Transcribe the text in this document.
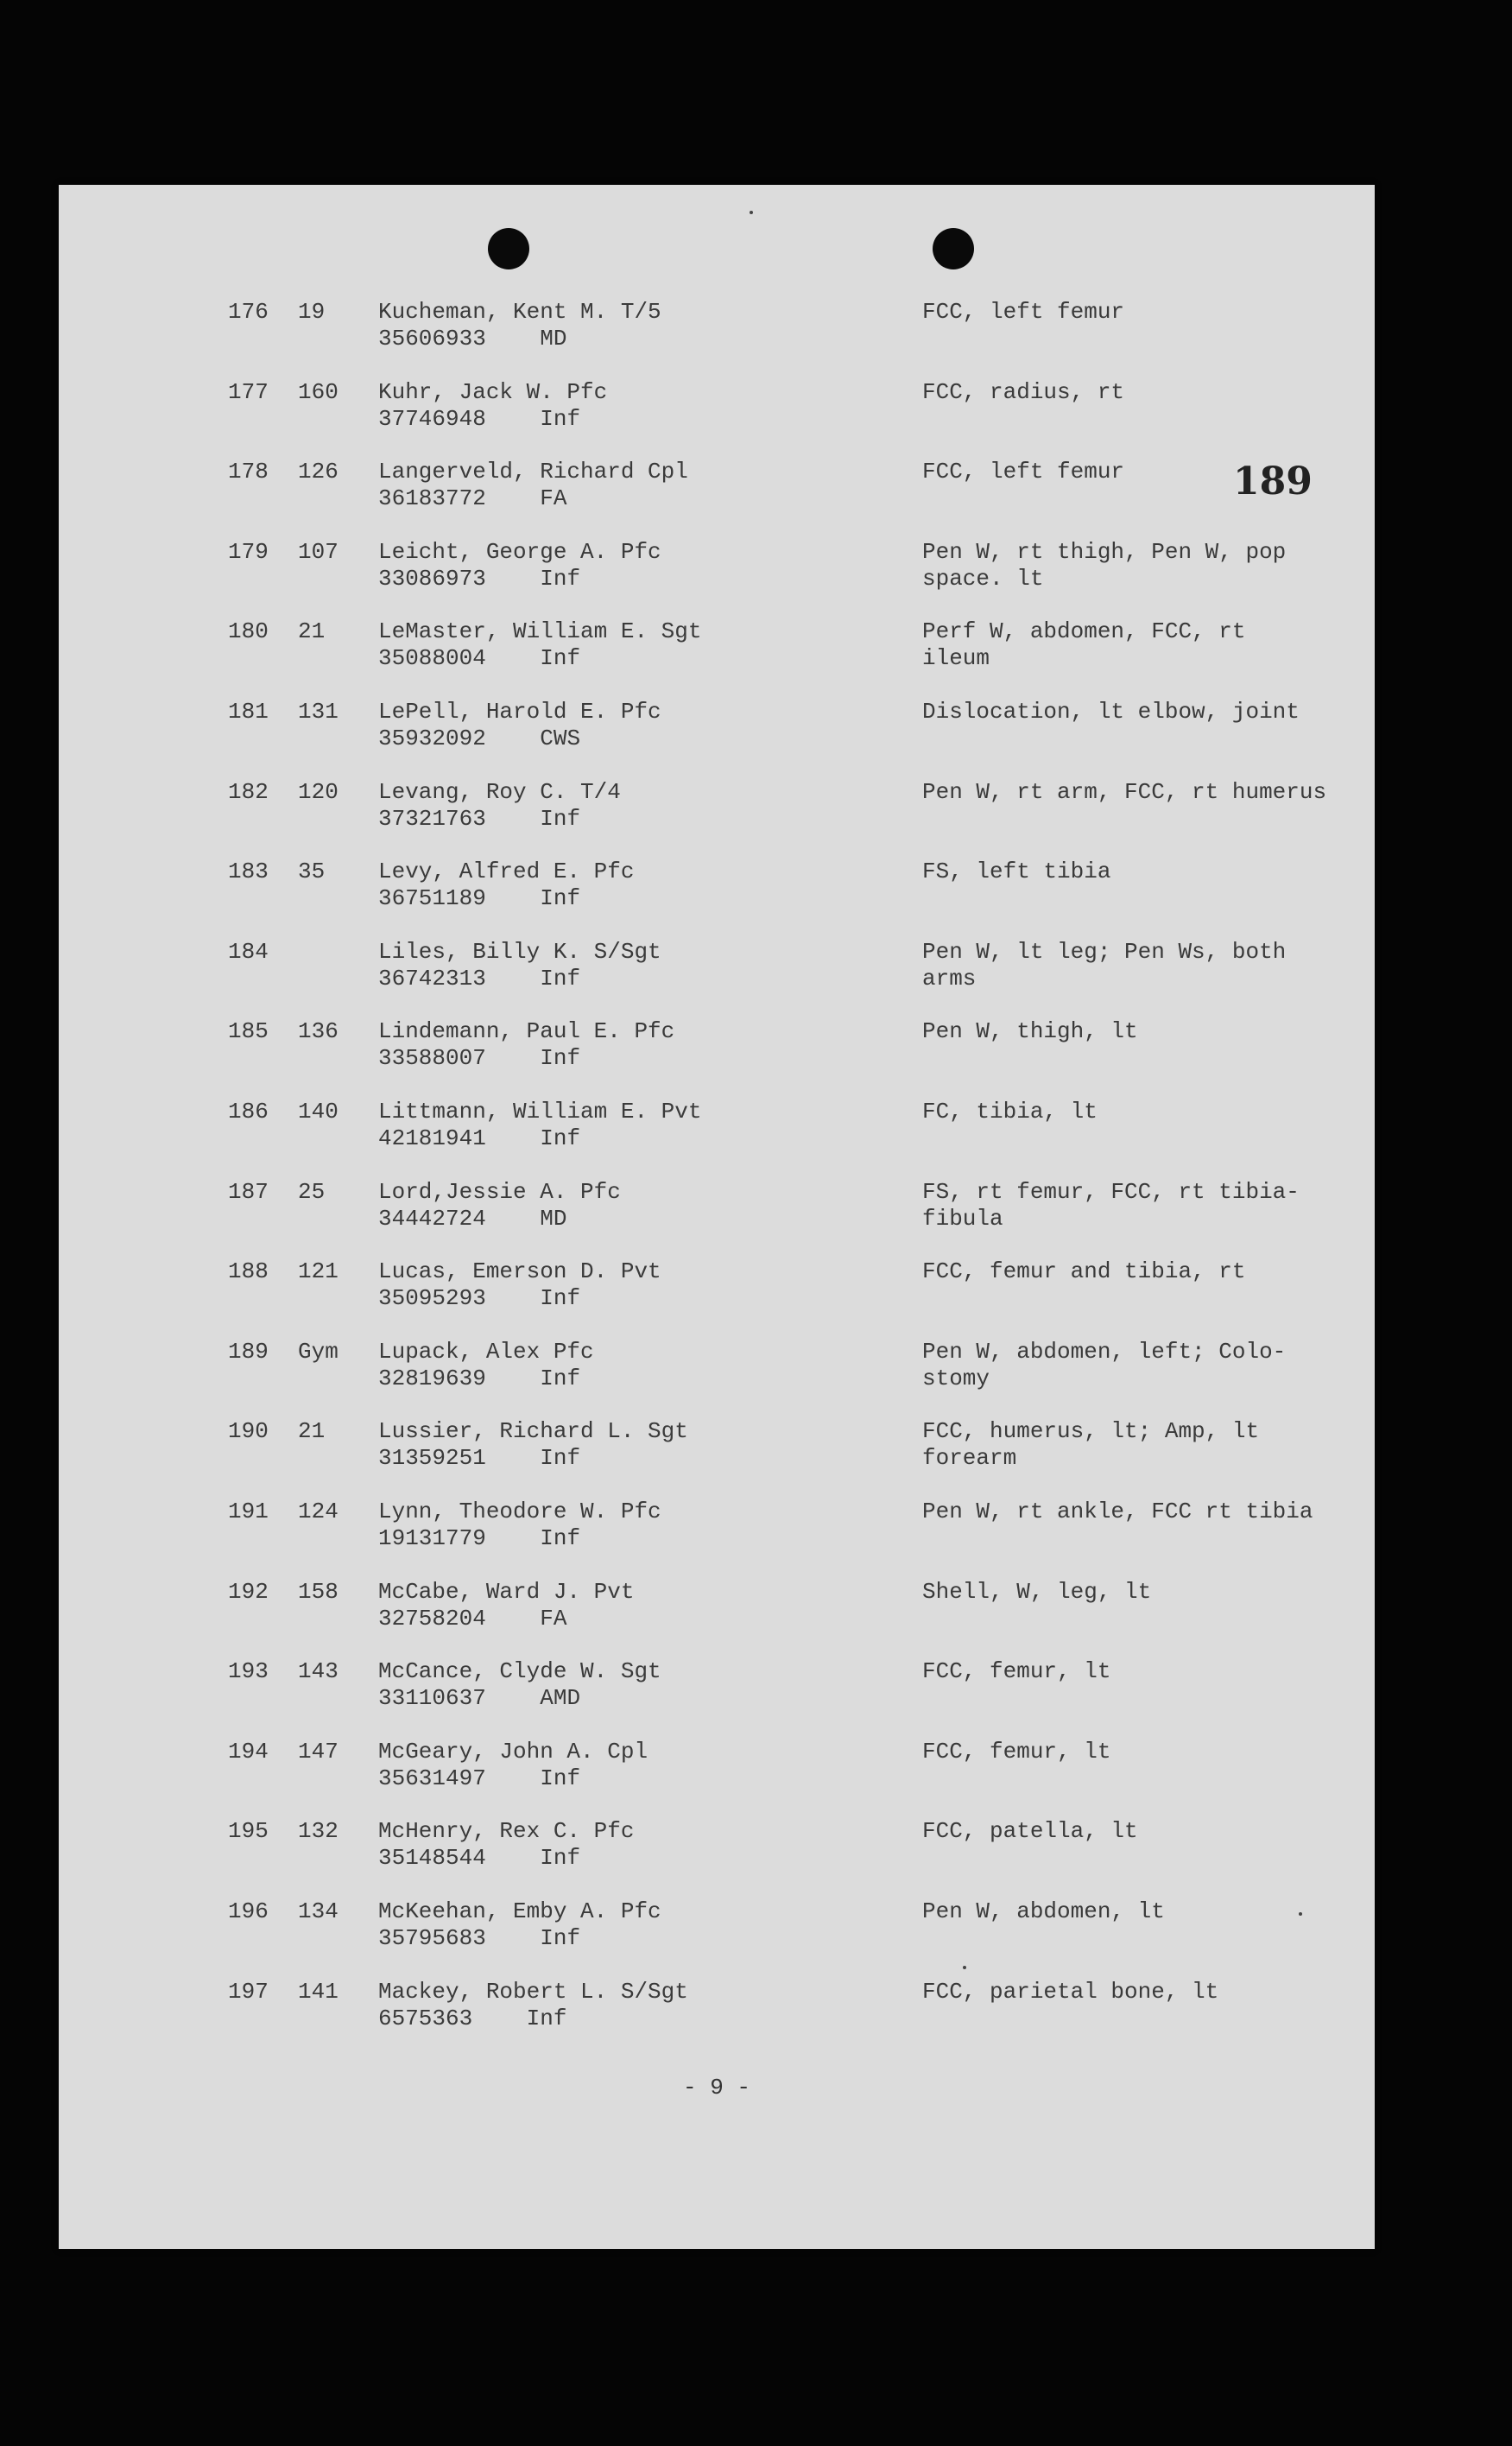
189
176 19 Kucheman, Kent M. T/5
35606933 MD
FCC, left femur
177 160 Kuhr, Jack W. Pfc
37746948 Inf
FCC, radius, rt
178 126 Langerveld, Richard Cpl
36183772 FA
FCC, left femur
179 107 Leicht, George A. Pfc
33086973 Inf
Pen W, rt thigh, Pen W, pop
space. lt
180 21 LeMaster, William E. Sgt
35088004 Inf
Perf W, abdomen, FCC, rt
ileum
181 131 LePell, Harold E. Pfc
35932092 CWS
Dislocation, lt elbow, joint
182 120 Levang, Roy C. T/4
37321763 Inf
Pen W, rt arm, FCC, rt humerus
183 35 Levy, Alfred E. Pfc
36751189 Inf
FS, left tibia
184	Liles, Billy K. S/Sgt
36742313 Inf
Pen W, lt leg; Pen Ws, both
arms
185 136 Lindemann, Paul E. Pfc
33588007 Inf
Pen W, thigh, lt
186 140 Littmann, William E. Pvt
42181941 Inf
FC, tibia, lt
187 25 Lord,Jessie A. Pfc
34442724 MD
FS, rt femur, FCC, rt tibia-
fibula
188 121 Lucas, Emerson D. Pvt
35095293 Inf
FCC, femur and tibia, rt
189 Gym Lupack, Alex Pfc
32819639 Inf
Pen W, abdomen, left; Colo-
stomy
190 21 Lussier, Richard L. Sgt
31359251 Inf
FCC, humerus, lt; Amp, lt
forearm
191 124 Lynn, Theodore W. Pfc
19131779 Inf
Pen W, rt ankle, FCC rt tibia
192 158 McCabe, Ward J. Pvt
32758204 FA
Shell, W, leg, lt
193 143 McCance, Clyde W. Sgt
33110637 AMD
FCC, femur, lt
194 147 McGeary, John A. Cpl
35631497 Inf
FCC, femur, lt
195 132 McHenry, Rex C. Pfc
35148544 Inf
FCC, patella, lt
196 134 McKeehan, Emby A. Pfc
35795683 Inf
Pen W, abdomen, lt
197 141 Mackey, Robert L. S/Sgt
6575363 Inf
FCC, parietal bone, lt
- 9 -
